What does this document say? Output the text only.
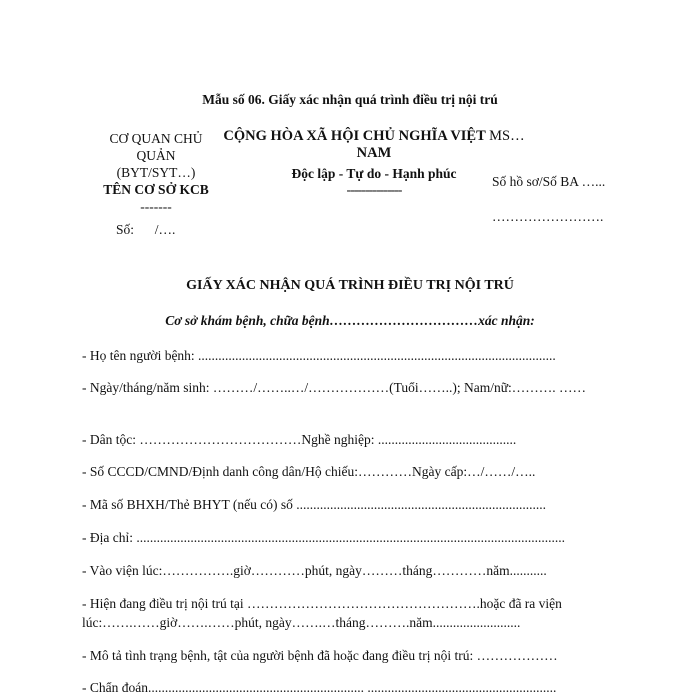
Mẫu số 06. Giấy xác nhận quá trình điều trị nội trú
CƠ QUAN CHỦ
QUẢN
(BYT/SYT…)
TÊN CƠ SỞ KCB
-------
Số: /….
CỘNG HÒA XÃ HỘI CHỦ NGHĨA VIỆT MS…
NAM
Độc lập - Tự do - Hạnh phúc
---------------
Số hồ sơ/Số BA …...
…………………….
GIẤY XÁC NHẬN QUÁ TRÌNH ĐIỀU TRỊ NỘI TRÚ
Cơ sở khám bệnh, chữa bệnh……………………………xác nhận:
- Họ tên người bệnh: ..........................................................................................................
- Ngày/tháng/năm sinh: ………/……..…/………………(Tuổi……..); Nam/nữ:………. ……
- Dân tộc: ………………………………Nghề nghiệp: .........................................
- Số CCCD/CMND/Định danh công dân/Hộ chiếu:…………Ngày cấp:…/……/…..
- Mã số BHXH/Thẻ BHYT (nếu có) số ..........................................................................
- Địa chỉ: ...............................................................................................................................
- Vào viện lúc:…………….giờ…………phút, ngày………tháng…………năm...........
- Hiện đang điều trị nội trú tại …………………………………………….hoặc đã ra viện lúc:…….……giờ…….……phút, ngày…….…tháng……….năm..........................
- Mô tả tình trạng bệnh, tật của người bệnh đã hoặc đang điều trị nội trú: ………………
- Chẩn đoán................................................................ ........................................................
